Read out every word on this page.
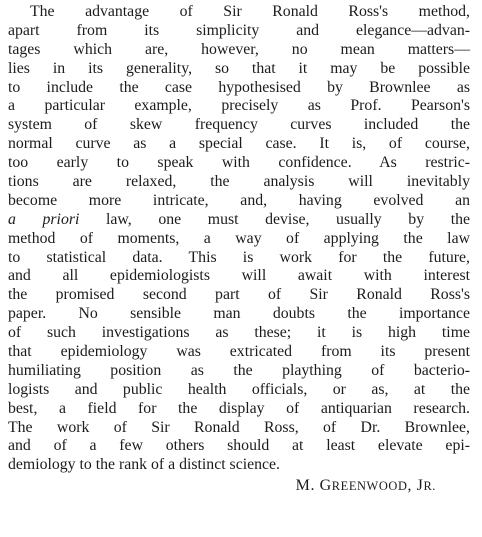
The advantage of Sir Ronald Ross's method,
apart from its simplicity and elegance—advan-
tages which are, however, no mean matters—
lies in its generality, so that it may be possible
to include the case hypothesised by Brownlee as
a particular example, precisely as Prof. Pearson's
system of skew frequency curves included the
normal curve as a special case. It is, of course,
too early to speak with confidence. As restric-
tions are relaxed, the analysis will inevitably
become more intricate, and, having evolved an
a priori law, one must devise, usually by the
method of moments, a way of applying the law
to statistical data. This is work for the future,
and all epidemiologists will await with interest
the promised second part of Sir Ronald Ross's
paper. No sensible man doubts the importance
of such investigations as these; it is high time
that epidemiology was extricated from its present
humiliating position as the plaything of bacterio-
logists and public health officials, or as, at the
best, a field for the display of antiquarian research.
The work of Sir Ronald Ross, of Dr. Brownlee,
and of a few others should at least elevate epi-
demiology to the rank of a distinct science.
M. GREENWOOD, JR.
